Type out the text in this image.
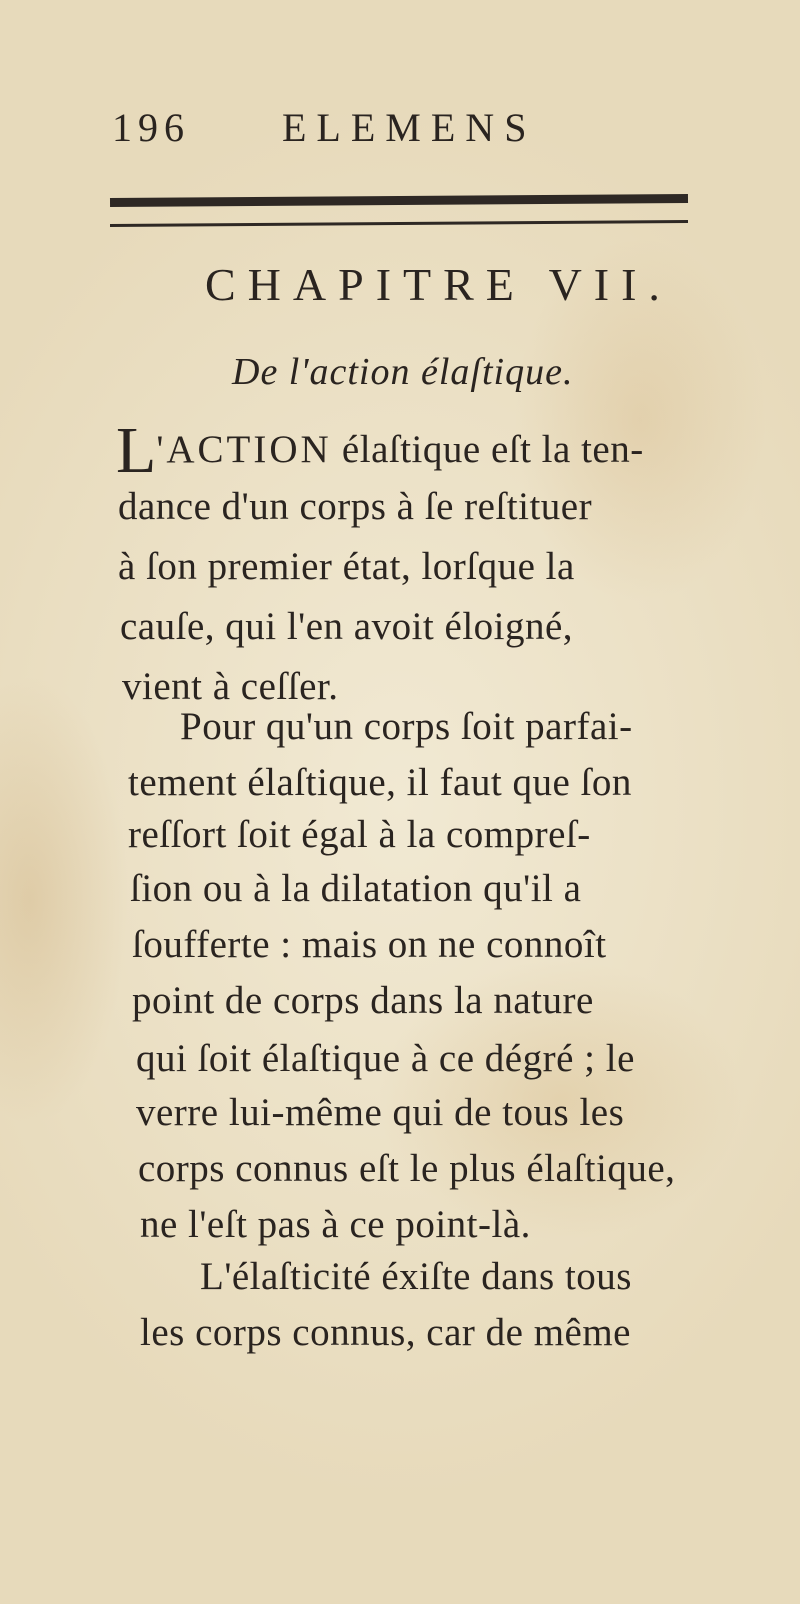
196 ELEMENS
CHAPITRE VII.
De l'action élaſtique.
L'ACTION élaſtique eſt la ten-
dance d'un corps à ſe reſtituer
à ſon premier état, lorſque la
cauſe, qui l'en avoit éloigné,
vient à ceſſer.
Pour qu'un corps ſoit parfai-
tement élaſtique, il faut que ſon
reſſort ſoit égal à la compreſ-
ſion ou à la dilatation qu'il a
ſoufferte : mais on ne connoît
point de corps dans la nature
qui ſoit élaſtique à ce dégré ; le
verre lui-même qui de tous les
corps connus eſt le plus élaſtique,
ne l'eſt pas à ce point-là.
L'élaſticité éxiſte dans tous
les corps connus, car de même
